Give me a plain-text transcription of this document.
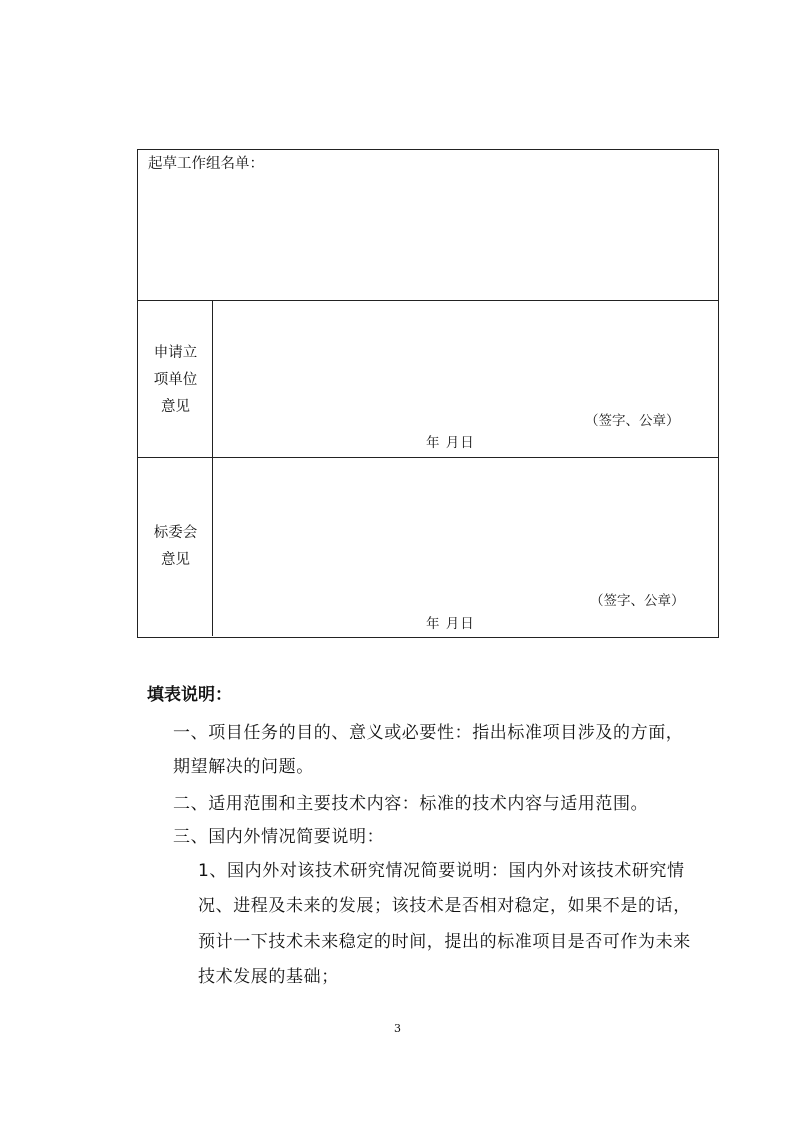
起草工作组名单：
申请立
项单位
意见
（签字、公章）
年 月日
标委会
意见
（签字、公章）
年 月日
填表说明：
一、项目任务的目的、意义或必要性：指出标准项目涉及的方面，
期望解决的问题。
二、适用范围和主要技术内容：标准的技术内容与适用范围。
三、国内外情况简要说明：
1、国内外对该技术研究情况简要说明：国内外对该技术研究情
况、进程及未来的发展；该技术是否相对稳定，如果不是的话，
预计一下技术未来稳定的时间，提出的标准项目是否可作为未来
技术发展的基础；
3
